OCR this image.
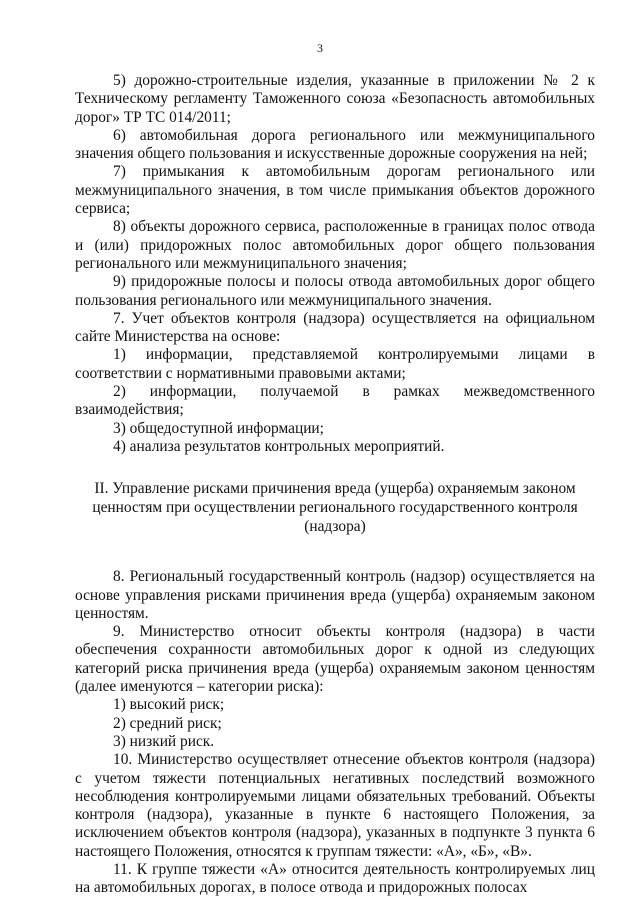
3

5) дорожно-строительные изделия, указанные в приложении № 2 к Техническому регламенту Таможенного союза «Безопасность автомобильных дорог» ТР ТС 014/2011;

6) автомобильная дорога регионального или межмуниципального значения общего пользования и искусственные дорожные сооружения на ней;

7) примыкания к автомобильным дорогам регионального или межмуниципального значения, в том числе примыкания объектов дорожного сервиса;

8) объекты дорожного сервиса, расположенные в границах полос отвода и (или) придорожных полос автомобильных дорог общего пользования регионального или межмуниципального значения;

9) придорожные полосы и полосы отвода автомобильных дорог общего пользования регионального или межмуниципального значения.

7. Учет объектов контроля (надзора) осуществляется на официальном сайте Министерства на основе:

1) информации, представляемой контролируемыми лицами в соответствии с нормативными правовыми актами;

2) информации, получаемой в рамках межведомственного взаимодействия;

3) общедоступной информации;

4) анализа результатов контрольных мероприятий.

II. Управление рисками причинения вреда (ущерба) охраняемым законом
ценностям при осуществлении регионального государственного контроля
(надзора)

8. Региональный государственный контроль (надзор) осуществляется на основе управления рисками причинения вреда (ущерба) охраняемым законом ценностям.

9. Министерство относит объекты контроля (надзора) в части обеспечения сохранности автомобильных дорог к одной из следующих категорий риска причинения вреда (ущерба) охраняемым законом ценностям (далее именуются – категории риска):

1) высокий риск;

2) средний риск;

3) низкий риск.

10. Министерство осуществляет отнесение объектов контроля (надзора) с учетом тяжести потенциальных негативных последствий возможного несоблюдения контролируемыми лицами обязательных требований. Объекты контроля (надзора), указанные в пункте 6 настоящего Положения, за исключением объектов контроля (надзора), указанных в подпункте 3 пункта 6 настоящего Положения, относятся к группам тяжести: «А», «Б», «В».

11. К группе тяжести «А» относится деятельность контролируемых лиц на автомобильных дорогах, в полосе отвода и придорожных полосах
